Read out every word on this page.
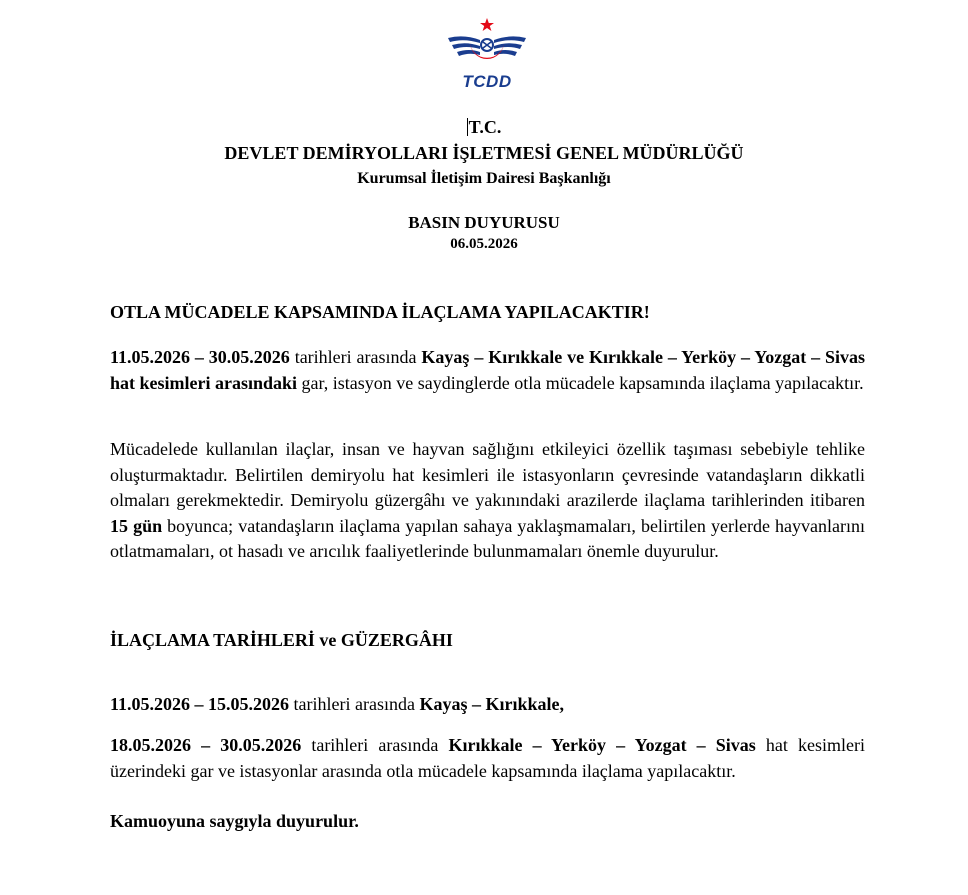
TCDD
T.C.
DEVLET DEMİRYOLLARI İŞLETMESİ GENEL MÜDÜRLÜĞÜ
Kurumsal İletişim Dairesi Başkanlığı
BASIN DUYURUSU
06.05.2026
OTLA MÜCADELE KAPSAMINDA İLAÇLAMA YAPILACAKTIR!
11.05.2026 – 30.05.2026 tarihleri arasında Kayaş – Kırıkkale ve Kırıkkale – Yerköy – Yozgat – Sivas hat kesimleri arasındaki gar, istasyon ve saydinglerde otla mücadele kapsamında ilaçlama yapılacaktır.
Mücadelede kullanılan ilaçlar, insan ve hayvan sağlığını etkileyici özellik taşıması sebebiyle tehlike oluşturmaktadır. Belirtilen demiryolu hat kesimleri ile istasyonların çevresinde vatandaşların dikkatli olmaları gerekmektedir. Demiryolu güzergâhı ve yakınındaki arazilerde ilaçlama tarihlerinden itibaren 15 gün boyunca; vatandaşların ilaçlama yapılan sahaya yaklaşmamaları, belirtilen yerlerde hayvanlarını otlatmamaları, ot hasadı ve arıcılık faaliyetlerinde bulunmamaları önemle duyurulur.
İLAÇLAMA TARİHLERİ ve GÜZERGÂHI
11.05.2026 – 15.05.2026 tarihleri arasında Kayaş – Kırıkkale,
18.05.2026 – 30.05.2026 tarihleri arasında Kırıkkale – Yerköy – Yozgat – Sivas hat kesimleri üzerindeki gar ve istasyonlar arasında otla mücadele kapsamında ilaçlama yapılacaktır.
Kamuoyuna saygıyla duyurulur.
